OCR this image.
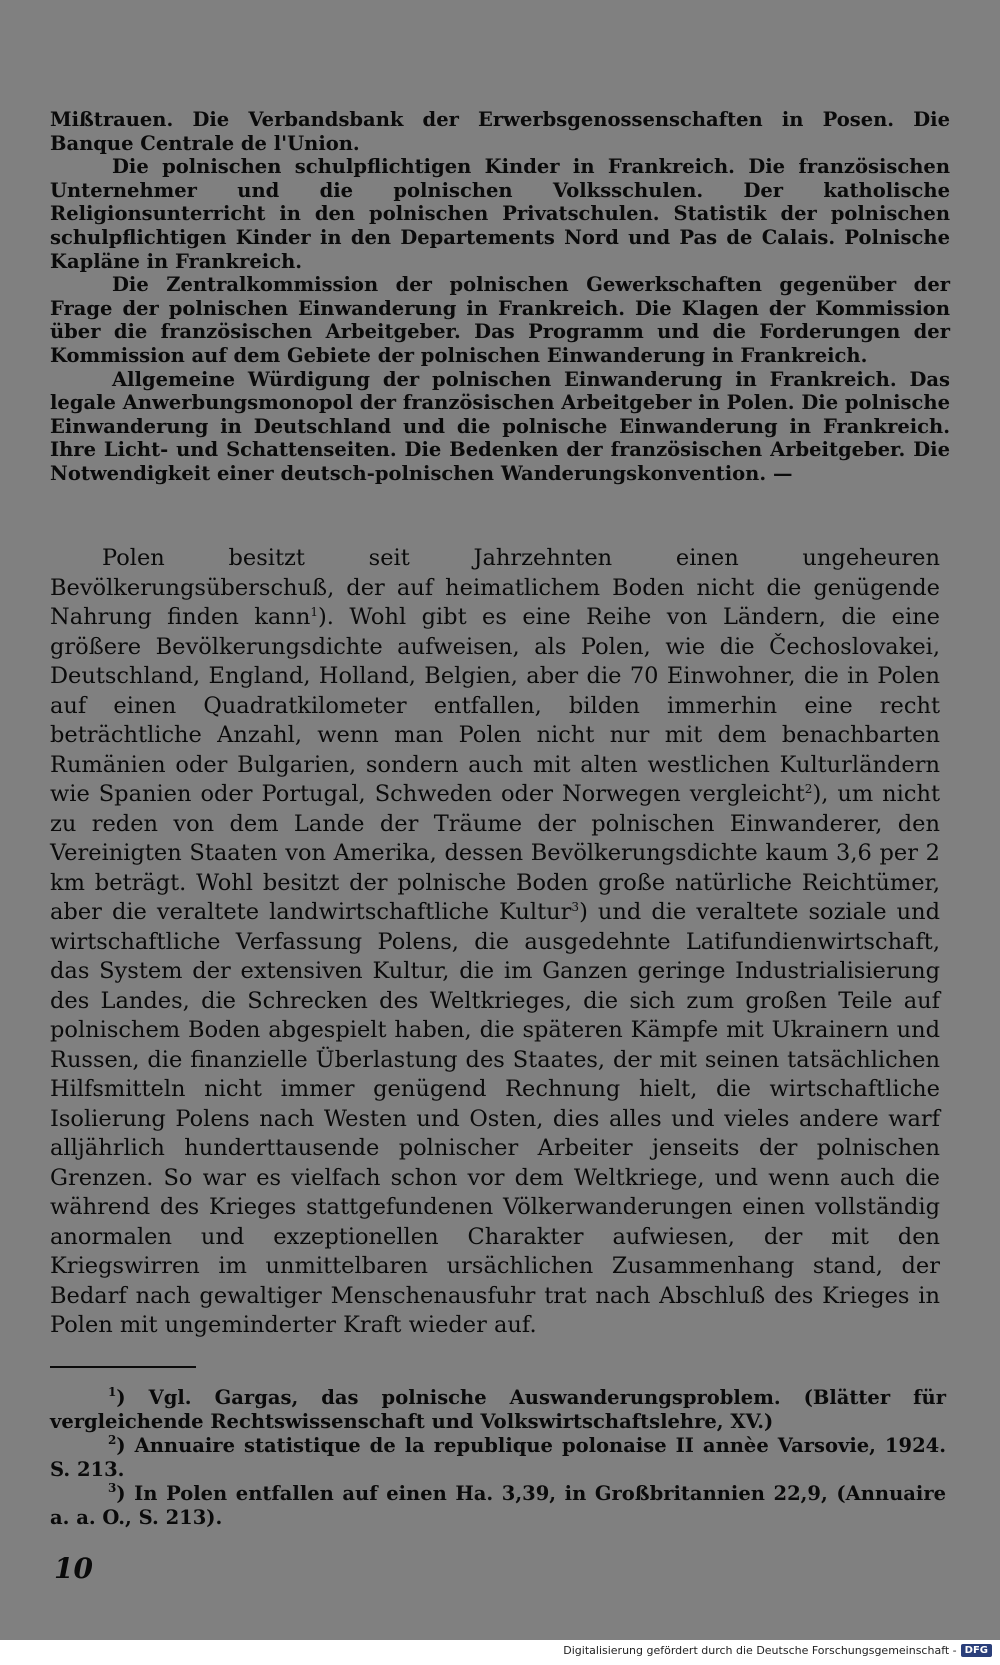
Mißtrauen. Die Verbandsbank der Erwerbsgenossenschaften in Posen. Die Banque Centrale de l'Union.

Die polnischen schulpflichtigen Kinder in Frankreich. Die französischen Unternehmer und die polnischen Volksschulen. Der katholische Religionsunterricht in den polnischen Privatschulen. Statistik der polnischen schulpflichtigen Kinder in den Departements Nord und Pas de Calais. Polnische Kapläne in Frankreich.

Die Zentralkommission der polnischen Gewerkschaften gegenüber der Frage der polnischen Einwanderung in Frankreich. Die Klagen der Kommission über die französischen Arbeitgeber. Das Programm und die Forderungen der Kommission auf dem Gebiete der polnischen Einwanderung in Frankreich.

Allgemeine Würdigung der polnischen Einwanderung in Frankreich. Das legale Anwerbungsmonopol der französischen Arbeitgeber in Polen. Die polnische Einwanderung in Deutschland und die polnische Einwanderung in Frankreich. Ihre Licht- und Schattenseiten. Die Bedenken der französischen Arbeitgeber. Die Notwendigkeit einer deutsch-polnischen Wanderungskonvention. —

Polen besitzt seit Jahrzehnten einen ungeheuren Bevölkerungsüberschuß, der auf heimatlichem Boden nicht die genügende Nahrung finden kann$^1$). Wohl gibt es eine Reihe von Ländern, die eine größere Bevölkerungsdichte aufweisen, als Polen, wie die Čechoslovakei, Deutschland, England, Holland, Belgien, aber die 70 Einwohner, die in Polen auf einen Quadratkilometer entfallen, bilden immerhin eine recht beträchtliche Anzahl, wenn man Polen nicht nur mit dem benachbarten Rumänien oder Bulgarien, sondern auch mit alten westlichen Kulturländern wie Spanien oder Portugal, Schweden oder Norwegen vergleicht$^2$), um nicht zu reden von dem Lande der Träume der polnischen Einwanderer, den Vereinigten Staaten von Amerika, dessen Bevölkerungsdichte kaum 3,6 per 2 km beträgt. Wohl besitzt der polnische Boden große natürliche Reichtümer, aber die veraltete landwirtschaftliche Kultur$^3$) und die veraltete soziale und wirtschaftliche Verfassung Polens, die ausgedehnte Latifundienwirtschaft, das System der extensiven Kultur, die im Ganzen geringe Industrialisierung des Landes, die Schrecken des Weltkrieges, die sich zum großen Teile auf polnischem Boden abgespielt haben, die späteren Kämpfe mit Ukrainern und Russen, die finanzielle Überlastung des Staates, der mit seinen tatsächlichen Hilfsmitteln nicht immer genügend Rechnung hielt, die wirtschaftliche Isolierung Polens nach Westen und Osten, dies alles und vieles andere warf alljährlich hunderttausende polnischer Arbeiter jenseits der polnischen Grenzen. So war es vielfach schon vor dem Weltkriege, und wenn auch die während des Krieges stattgefundenen Völkerwanderungen einen vollständig anormalen und exzeptionellen Charakter aufwiesen, der mit den Kriegswirren im unmittelbaren ursächlichen Zusammenhang stand, der Bedarf nach gewaltiger Menschenausfuhr trat nach Abschluß des Krieges in Polen mit ungeminderter Kraft wieder auf.

$^1$) Vgl. Gargas, das polnische Auswanderungsproblem. (Blätter für vergleichende Rechtswissenschaft und Volkswirtschaftslehre, XV.)

$^2$) Annuaire statistique de la republique polonaise II annèe Varsovie, 1924. S. 213.

$^3$) In Polen entfallen auf einen Ha. 3,39, in Großbritannien 22,9, (Annuaire a. a. O., S. 213).

10
Digitalisierung gefördert durch die Deutsche Forschungsgemeinschaft - DFG
